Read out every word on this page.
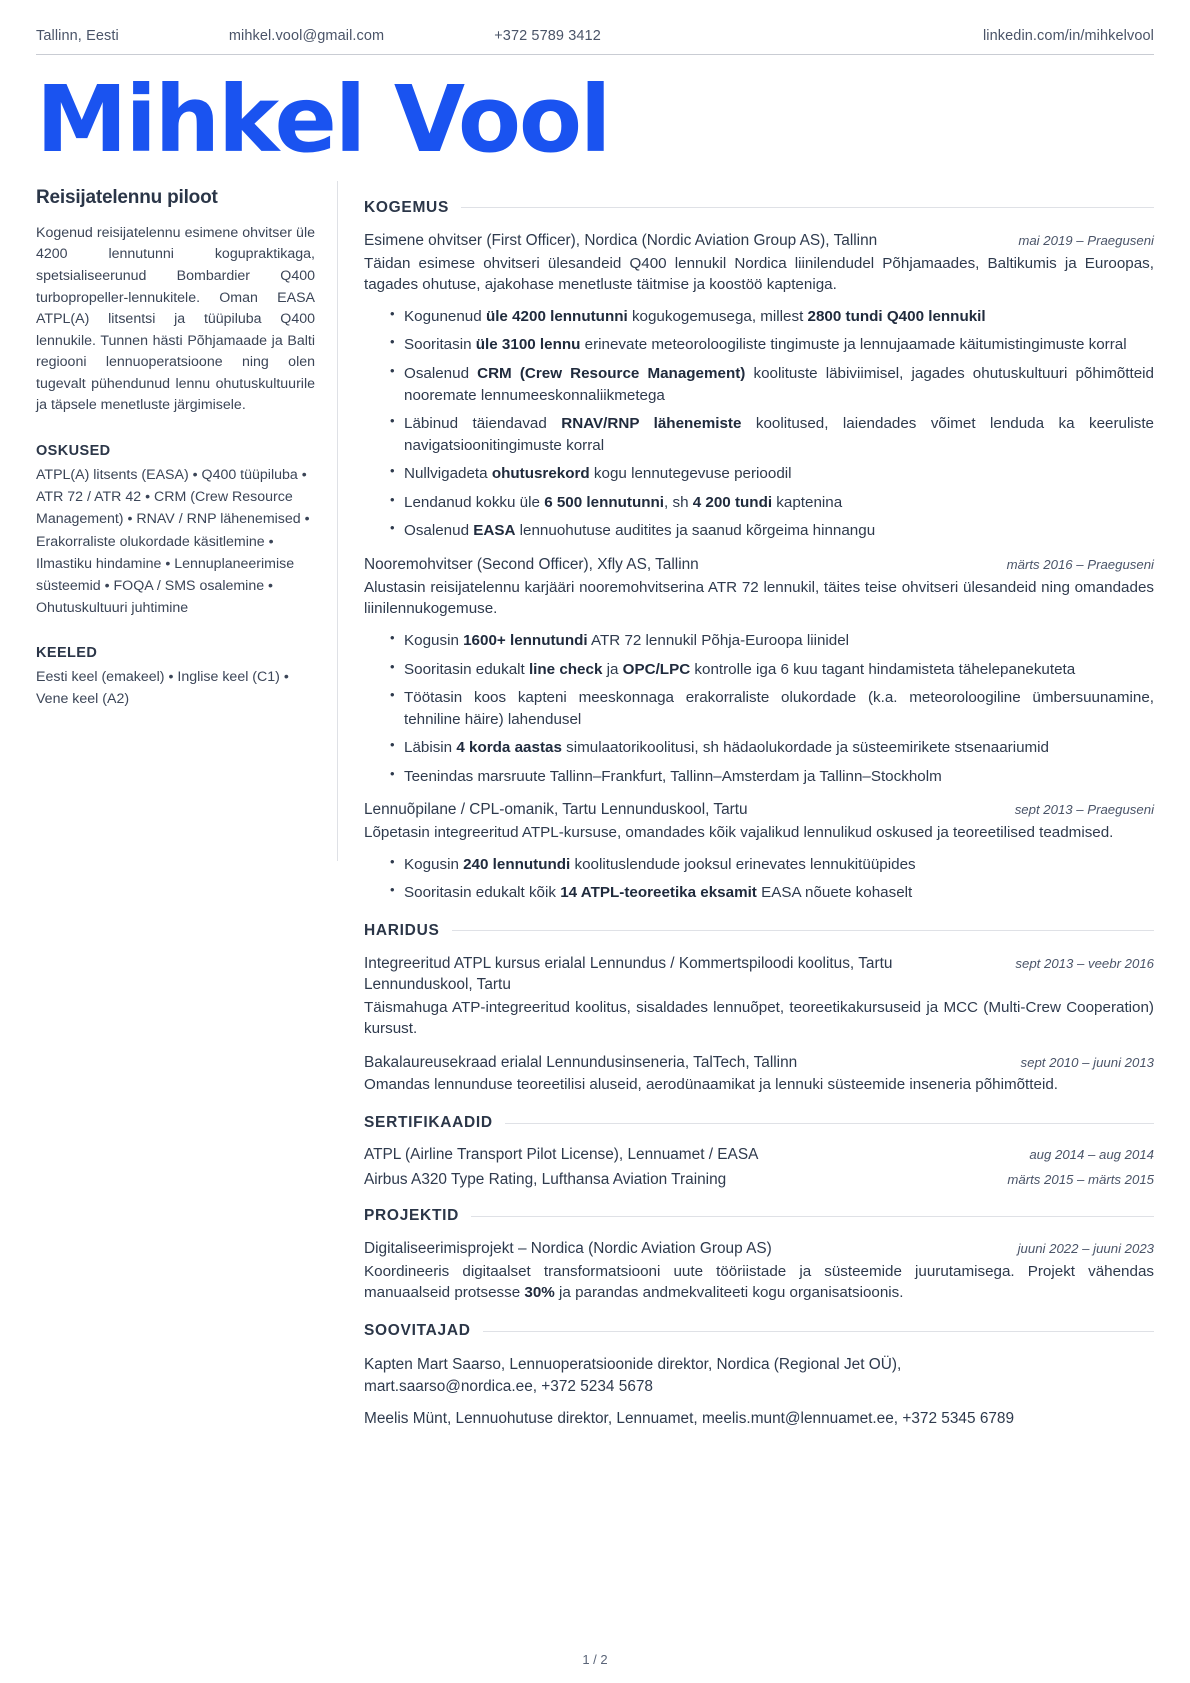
Tallinn, Eesti	mihkel.vool@gmail.com	+372 5789 3412	linkedin.com/in/mihkelvool
Mihkel Vool
Reisijatelennu piloot

Kogenud reisijatelennu esimene ohvitser üle 4200 lennutunni kogupraktikaga, spetsialiseerunud Bombardier Q400 turbopropeller-lennukitele. Oman EASA ATPL(A) litsentsi ja tüüpiluba Q400 lennukile. Tunnen hästi Põhjamaade ja Balti regiooni lennuoperatsioone ning olen tugevalt pühendunud lennu ohutuskultuurile ja täpsele menetluste järgimisele.

OSKUSED

ATPL(A) litsents (EASA) • Q400 tüüpiluba • ATR 72 / ATR 42 • CRM (Crew Resource Management) • RNAV / RNP lähenemised • Erakorraliste olukordade käsitlemine • Ilmastiku hindamine • Lennuplaneerimise süsteemid • FOQA / SMS osalemine • Ohutuskultuuri juhtimine

KEELED

Eesti keel (emakeel) • Inglise keel (C1) • Vene keel (A2)

KOGEMUS
Esimene ohvitser (First Officer), Nordica (Nordic Aviation Group AS), Tallinn	mai 2019 – Praeguseni

Täidan esimese ohvitseri ülesandeid Q400 lennukil Nordica liinilendudel Põhjamaades, Baltikumis ja Euroopas, tagades ohutuse, ajakohase menetluste täitmise ja koostöö kapteniga.

• Kogunenud üle 4200 lennutunni kogukogemusega, millest 2800 tundi Q400 lennukil
• Sooritasin üle 3100 lennu erinevate meteoroloogiliste tingimuste ja lennujaamade käitumistingimuste korral
• Osalenud CRM (Crew Resource Management) koolituste läbiviimisel, jagades ohutuskultuuri põhimõtteid nooremate lennumeeskonnaliikmetega
• Läbinud täiendavad RNAV/RNP lähenemiste koolitused, laiendades võimet lenduda ka keeruliste navigatsioonitingimuste korral
• Nullvigadeta ohutusrekord kogu lennutegevuse perioodil
• Lendanud kokku üle 6 500 lennutunni, sh 4 200 tundi kaptenina
• Osalenud EASA lennuohutuse auditites ja saanud kõrgeima hinnangu
Nooremohvitser (Second Officer), Xfly AS, Tallinn	märts 2016 – Praeguseni

Alustasin reisijatelennu karjääri nooremohvitserina ATR 72 lennukil, täites teise ohvitseri ülesandeid ning omandades liinilennukogemuse.

• Kogusin 1600+ lennutundi ATR 72 lennukil Põhja-Euroopa liinidel
• Sooritasin edukalt line check ja OPC/LPC kontrolle iga 6 kuu tagant hindamisteta tähelepanekuteta
• Töötasin koos kapteni meeskonnaga erakorraliste olukordade (k.a. meteoroloogiline ümbersuunamine, tehniline häire) lahendusel
• Läbisin 4 korda aastas simulaatorikoolitusi, sh hädaolukordade ja süsteemirikete stsenaariumid
• Teenindas marsruute Tallinn–Frankfurt, Tallinn–Amsterdam ja Tallinn–Stockholm
Lennuõpilane / CPL-omanik, Tartu Lennunduskool, Tartu	sept 2013 – Praeguseni

Lõpetasin integreeritud ATPL-kursuse, omandades kõik vajalikud lennulikud oskused ja teoreetilised teadmised.

• Kogusin 240 lennutundi koolituslendude jooksul erinevates lennukitüüpides
• Sooritasin edukalt kõik 14 ATPL-teoreetika eksamit EASA nõuete kohaselt
HARIDUS
Integreeritud ATPL kursus erialal Lennundus / Kommertspiloodi koolitus, Tartu Lennunduskool, Tartu
sept 2013 – veebr 2016

Täismahuga ATP-integreeritud koolitus, sisaldades lennuõpet, teoreetikakursuseid ja MCC (Multi-Crew Cooperation) kursust.

Bakalaureusekraad erialal Lennundusinseneria, TalTech, Tallinn	sept 2010 – juuni 2013

Omandas lennunduse teoreetilisi aluseid, aerodünaamikat ja lennuki süsteemide inseneria põhimõtteid.

SERTIFIKAADID
ATPL (Airline Transport Pilot License), Lennuamet / EASA	aug 2014 – aug 2014
Airbus A320 Type Rating, Lufthansa Aviation Training	märts 2015 – märts 2015
PROJEKTID
Digitaliseerimisprojekt – Nordica (Nordic Aviation Group AS)	juuni 2022 – juuni 2023

Koordineeris digitaalset transformatsiooni uute tööriistade ja süsteemide juurutamisega. Projekt vähendas manuaalseid protsesse 30% ja parandas andmekvaliteeti kogu organisatsioonis.

SOOVITAJAD

Kapten Mart Saarso, Lennuoperatsioonide direktor, Nordica (Regional Jet OÜ),

mart.saarso@nordica.ee, +372 5234 5678

Meelis Münt, Lennuohutuse direktor, Lennuamet, meelis.munt@lennuamet.ee, +372 5345 6789

1 / 2
